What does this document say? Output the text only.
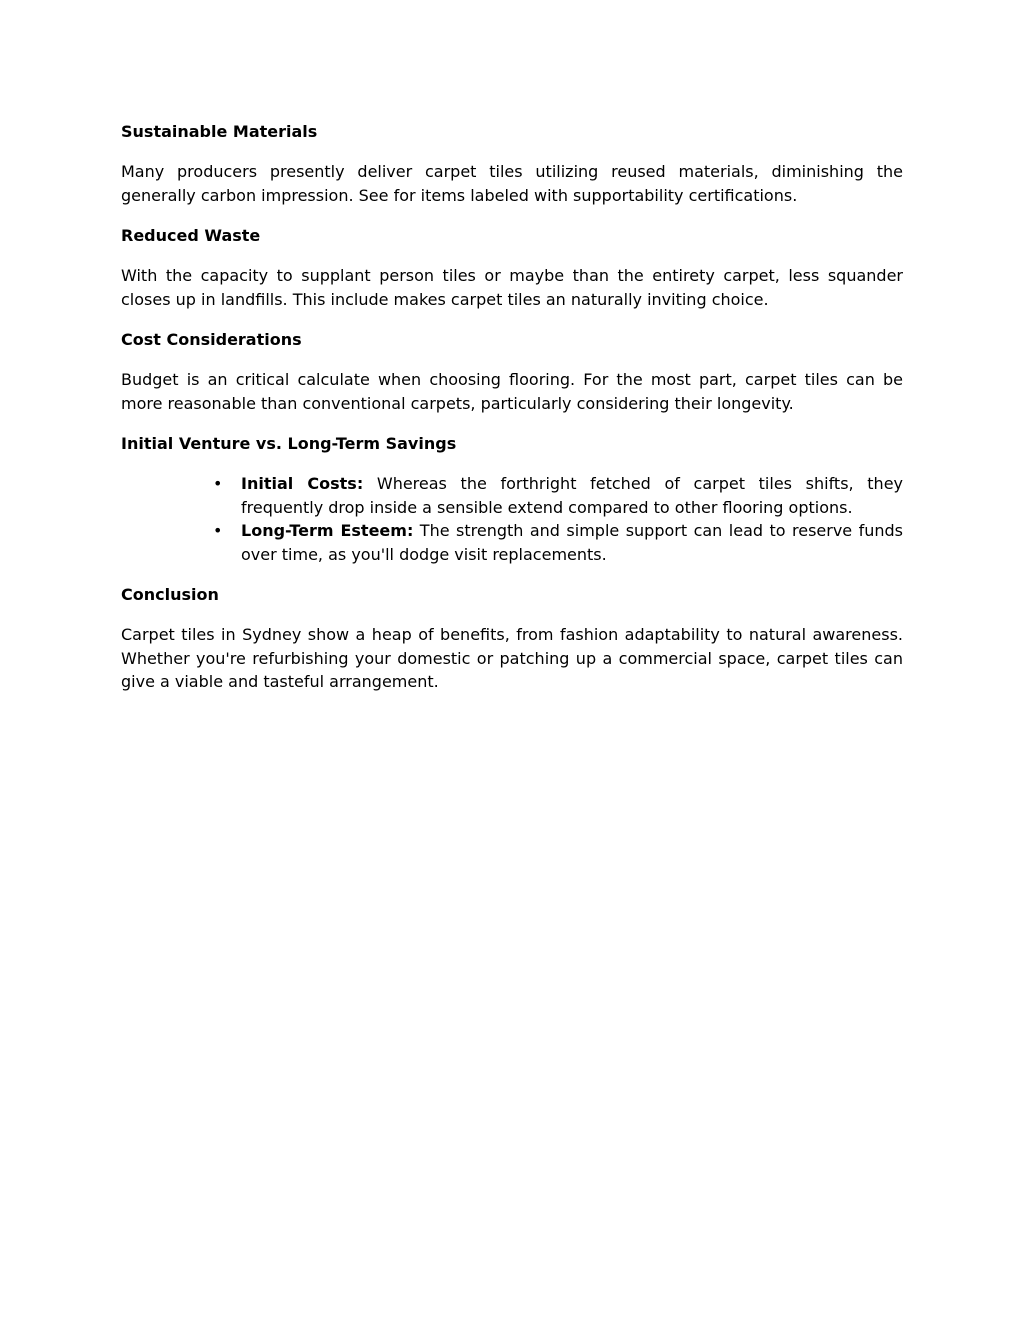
Sustainable Materials

Many producers presently deliver carpet tiles utilizing reused materials, diminishing the generally carbon impression. See for items labeled with supportability certifications.

Reduced Waste

With the capacity to supplant person tiles or maybe than the entirety carpet, less squander closes up in landfills. This include makes carpet tiles an naturally inviting choice.

Cost Considerations

Budget is an critical calculate when choosing flooring. For the most part, carpet tiles can be more reasonable than conventional carpets, particularly considering their longevity.

Initial Venture vs. Long-Term Savings
• Initial Costs: Whereas the forthright fetched of carpet tiles shifts, they frequently drop inside a sensible extend compared to other flooring options.
• Long-Term Esteem: The strength and simple support can lead to reserve funds over time, as you'll dodge visit replacements.
Conclusion

Carpet tiles in Sydney show a heap of benefits, from fashion adaptability to natural awareness. Whether you're refurbishing your domestic or patching up a commercial space, carpet tiles can give a viable and tasteful arrangement.
